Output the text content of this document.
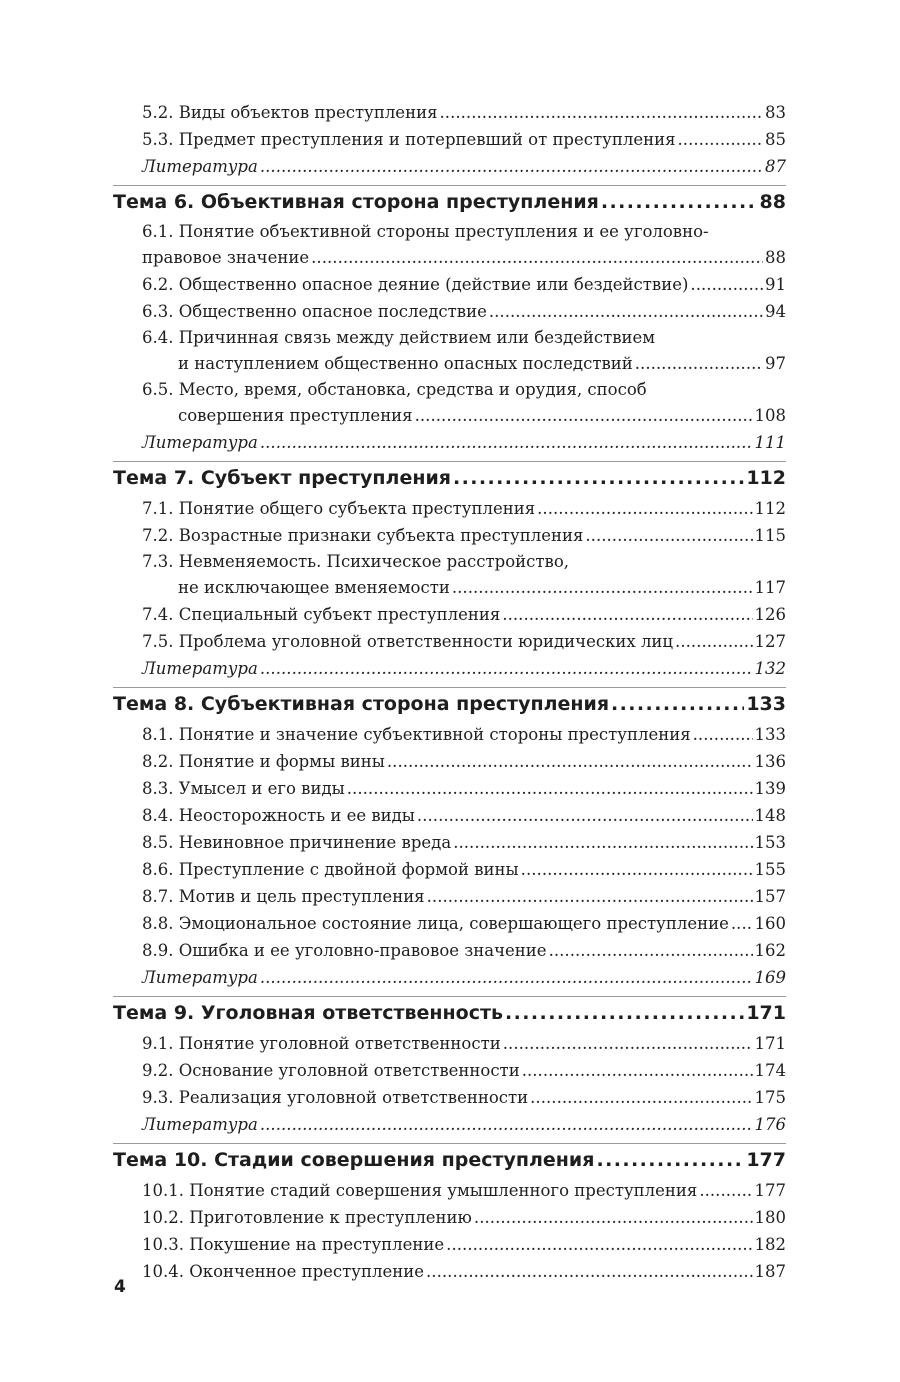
5.2. Виды объектов преступления . . .	83
5.3. Предмет преступления и потерпевший от преступления . . .	85
Литература . . .	87
Тема 6. Объективная сторона преступления . . .	88
6.1. Понятие объективной стороны преступления и ее уголовно-
правовое значение . . .	88
6.2. Общественно опасное деяние (действие или бездействие) . . .	91
6.3. Общественно опасное последствие . . .	94
6.4. Причинная связь между действием или бездействием
и наступлением общественно опасных последствий . . .	97
6.5. Место, время, обстановка, средства и орудия, способ
совершения преступления . . .	108
Литература . . .	111
Тема 7. Субъект преступления . . .	112
7.1. Понятие общего субъекта преступления . . .	112
7.2. Возрастные признаки субъекта преступления . . .	115
7.3. Невменяемость. Психическое расстройство,
не исключающее вменяемости . . .	117
7.4. Специальный субъект преступления . . .	126
7.5. Проблема уголовной ответственности юридических лиц . . .	127
Литература . . .	132
Тема 8. Субъективная сторона преступления . . .	133
8.1. Понятие и значение субъективной стороны преступления . . .	133
8.2. Понятие и формы вины . . .	136
8.3. Умысел и его виды . . .	139
8.4. Неосторожность и ее виды . . .	148
8.5. Невиновное причинение вреда . . .	153
8.6. Преступление с двойной формой вины . . .	155
8.7. Мотив и цель преступления . . .	157
8.8. Эмоциональное состояние лица, совершающего преступление . . . 160
8.9. Ошибка и ее уголовно-правовое значение . . .	162
Литература . . .	169
Тема 9. Уголовная ответственность . . .	171
9.1. Понятие уголовной ответственности . . .	171
9.2. Основание уголовной ответственности . . .	174
9.3. Реализация уголовной ответственности . . .	175
Литература . . .	176
Тема 10. Стадии совершения преступления . . .	177
10.1. Понятие стадий совершения умышленного преступления . . .	177
10.2. Приготовление к преступлению . . .	180
10.3. Покушение на преступление . . .	182
10.4. Оконченное преступление . . .	187
4
